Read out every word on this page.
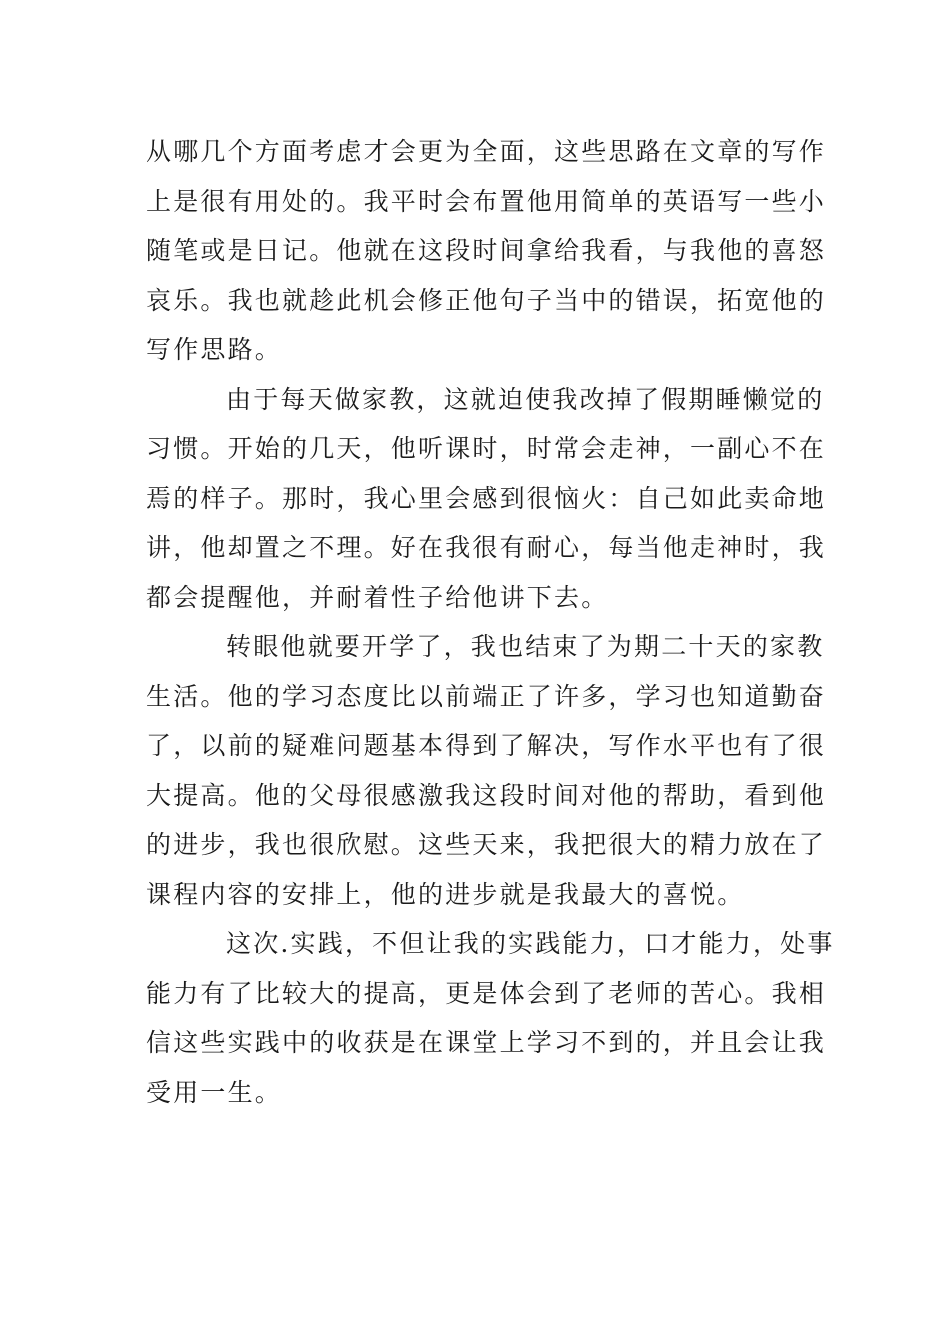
从哪几个方面考虑才会更为全面，这些思路在文章的写作
上是很有用处的。我平时会布置他用简单的英语写一些小
随笔或是日记。他就在这段时间拿给我看，与我他的喜怒
哀乐。我也就趁此机会修正他句子当中的错误，拓宽他的
写作思路。
由于每天做家教，这就迫使我改掉了假期睡懒觉的
习惯。开始的几天，他听课时，时常会走神，一副心不在
焉的样子。那时，我心里会感到很恼火：自己如此卖命地
讲，他却置之不理。好在我很有耐心，每当他走神时，我
都会提醒他，并耐着性子给他讲下去。
转眼他就要开学了，我也结束了为期二十天的家教
生活。他的学习态度比以前端正了许多，学习也知道勤奋
了，以前的疑难问题基本得到了解决，写作水平也有了很
大提高。他的父母很感激我这段时间对他的帮助，看到他
的进步，我也很欣慰。这些天来，我把很大的精力放在了
课程内容的安排上，他的进步就是我最大的喜悦。
这次.实践，不但让我的实践能力，口才能力，处事
能力有了比较大的提高，更是体会到了老师的苦心。我相
信这些实践中的收获是在课堂上学习不到的，并且会让我
受用一生。
